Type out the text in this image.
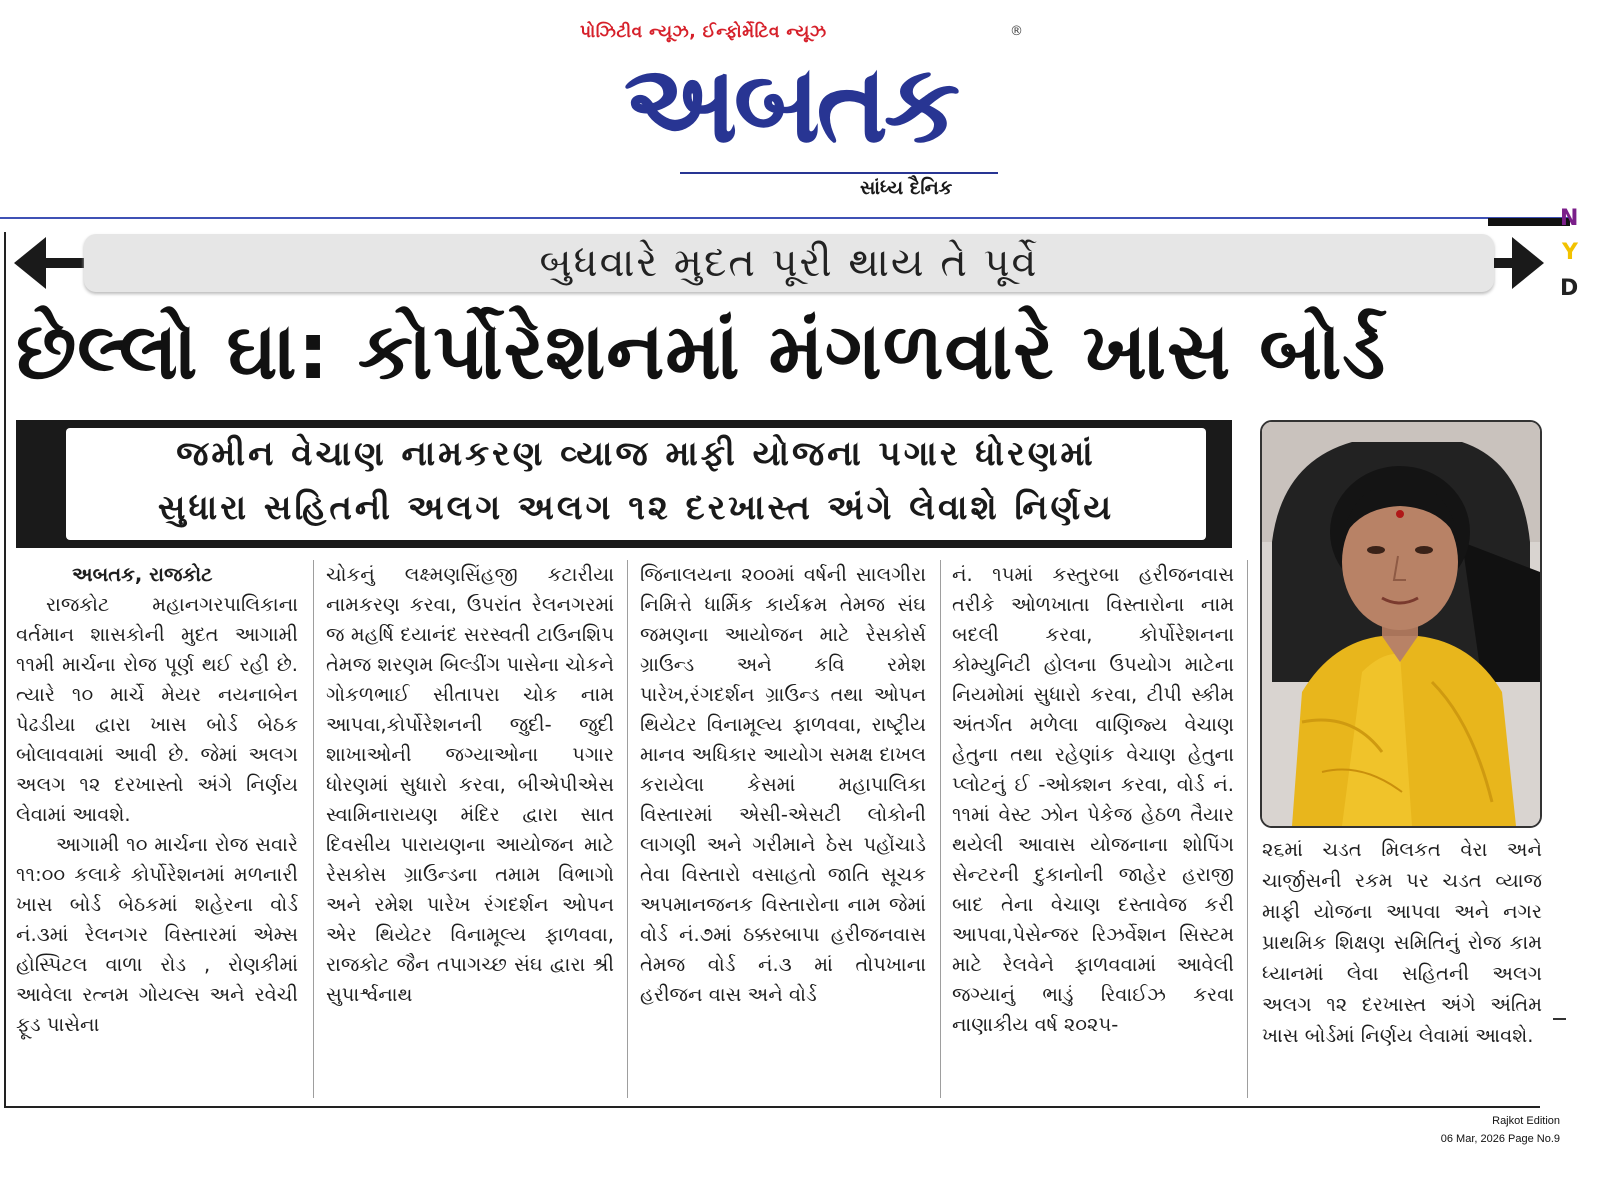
પોઝિટીવ ન્યૂઝ, ઈન્ફોર્મેટિવ ન્યૂઝ	®
અબતક
સાંધ્ય દૈનિક
N
Y
D
બુધવારે મુદત પૂરી થાય તે પૂર્વે
છેલ્લો ઘા: કોર્પોરેશનમાં મંગળવારે ખાસ બોર્ડ
જમીન વેચાણ નામકરણ વ્યાજ માફી યોજના પગાર ધોરણમાં
સુધારા સહિતની અલગ અલગ ૧૨ દરખાસ્ત અંગે લેવાશે નિર્ણય

અબતક, રાજકોટ

રાજકોટ મહાનગરપાલિકાના વર્તમાન શાસકોની મુદત આગામી ૧૧મી માર્ચના રોજ પૂર્ણ થઈ રહી છે. ત્યારે ૧૦ માર્ચે મેયર નયનાબેન પેઢડીયા દ્વારા ખાસ બોર્ડ બેઠક બોલાવવામાં આવી છે. જેમાં અલગ અલગ ૧૨ દરખાસ્તો અંગે નિર્ણય લેવામાં આવશે.

આગામી ૧૦ માર્ચના રોજ સવારે ૧૧:૦૦ કલાકે કોર્પોરેશનમાં મળનારી ખાસ બોર્ડ બેઠકમાં શહેરના વોર્ડ નં.૩માં રેલનગર વિસ્તારમાં એમ્સ હોસ્પિટલ વાળા રોડ , રોણકીમાં આવેલા રત્નમ ગોયલ્સ અને રવેચી ફૂડ પાસેના

ચોકનું લક્ષ્મણસિંહજી કટારીયા નામકરણ કરવા, ઉપરાંત રેલનગરમાં જ મહર્ષિ દયાનંદ સરસ્વતી ટાઉનશિપ તેમજ શરણમ બિલ્ડીંગ પાસેના ચોકને ગોકળભાઈ સીતાપરા ચોક નામ આપવા,કોર્પોરેશનની જુદી- જુદી શાખાઓની જગ્યાઓના પગાર ધોરણમાં સુધારો કરવા, બીએપીએસ સ્વામિનારાયણ મંદિર દ્વારા સાત દિવસીય પારાયણના આયોજન માટે રેસકોસ ગ્રાઉન્ડના તમામ વિભાગો અને રમેશ પારેખ રંગદર્શન ઓપન એર થિયેટર વિનામૂલ્ય ફાળવવા, રાજકોટ જૈન તપાગચ્છ સંઘ દ્વારા શ્રી સુપાર્શ્વનાથ

જિનાલયના ૨૦૦માં વર્ષની સાલગીરા નિમિત્તે ધાર્મિક કાર્યક્રમ તેમજ સંઘ જમણના આયોજન માટે રેસકોર્સ ગ્રાઉન્ડ અને કવિ રમેશ પારેખ,રંગદર્શન ગ્રાઉન્ડ તથા ઓપન થિયેટર વિનામૂલ્ય ફાળવવા, રાષ્ટ્રીય માનવ અધિકાર આયોગ સમક્ષ દાખલ કરાયેલા કેસમાં મહાપાલિકા વિસ્તારમાં એસી-એસટી લોકોની લાગણી અને ગરીમાને ઠેસ પહોંચાડે તેવા વિસ્તારો વસાહતો જાતિ સૂચક અપમાનજનક વિસ્તારોના નામ જેમાં વોર્ડ નં.૭માં ઠક્કરબાપા હરીજનવાસ તેમજ વોર્ડ નં.૩ માં તોપખાના હરીજન વાસ અને વોર્ડ

નં. ૧૫માં કસ્તુરબા હરીજનવાસ તરીકે ઓળખાતા વિસ્તારોના નામ બદલી કરવા, કોર્પોરેશનના કોમ્યુનિટી હોલના ઉપયોગ માટેના નિયમોમાં સુધારો કરવા, ટીપી સ્કીમ અંતર્ગત મળેલા વાણિજ્ય વેચાણ હેતુના તથા રહેણાંક વેચાણ હેતુના પ્લોટનું ઈ -ઓક્શન કરવા, વોર્ડ નં. ૧૧માં વેસ્ટ ઝોન પેકેજ હેઠળ તૈયાર થયેલી આવાસ યોજનાના શોપિંગ સેન્ટરની દુકાનોની જાહેર હરાજી બાદ તેના વેચાણ દસ્તાવેજ કરી આપવા,પેસેન્જર રિઝર્વેશન સિસ્ટમ માટે રેલવેને ફાળવવામાં આવેલી જગ્યાનું ભાડું રિવાઈઝ કરવા નાણાકીય વર્ષ ૨૦૨૫-

૨૬માં ચડત મિલકત વેરા અને ચાર્જીસની રકમ પર ચડત વ્યાજ માફી યોજના આપવા અને નગર પ્રાથમિક શિક્ષણ સમિતિનું રોજ કામ ધ્યાનમાં લેવા સહિતની અલગ અલગ ૧૨ દરખાસ્ત અંગે અંતિમ ખાસ બોર્ડમાં નિર્ણય લેવામાં આવશે.

Rajkot Edition
06 Mar, 2026 Page No.9
